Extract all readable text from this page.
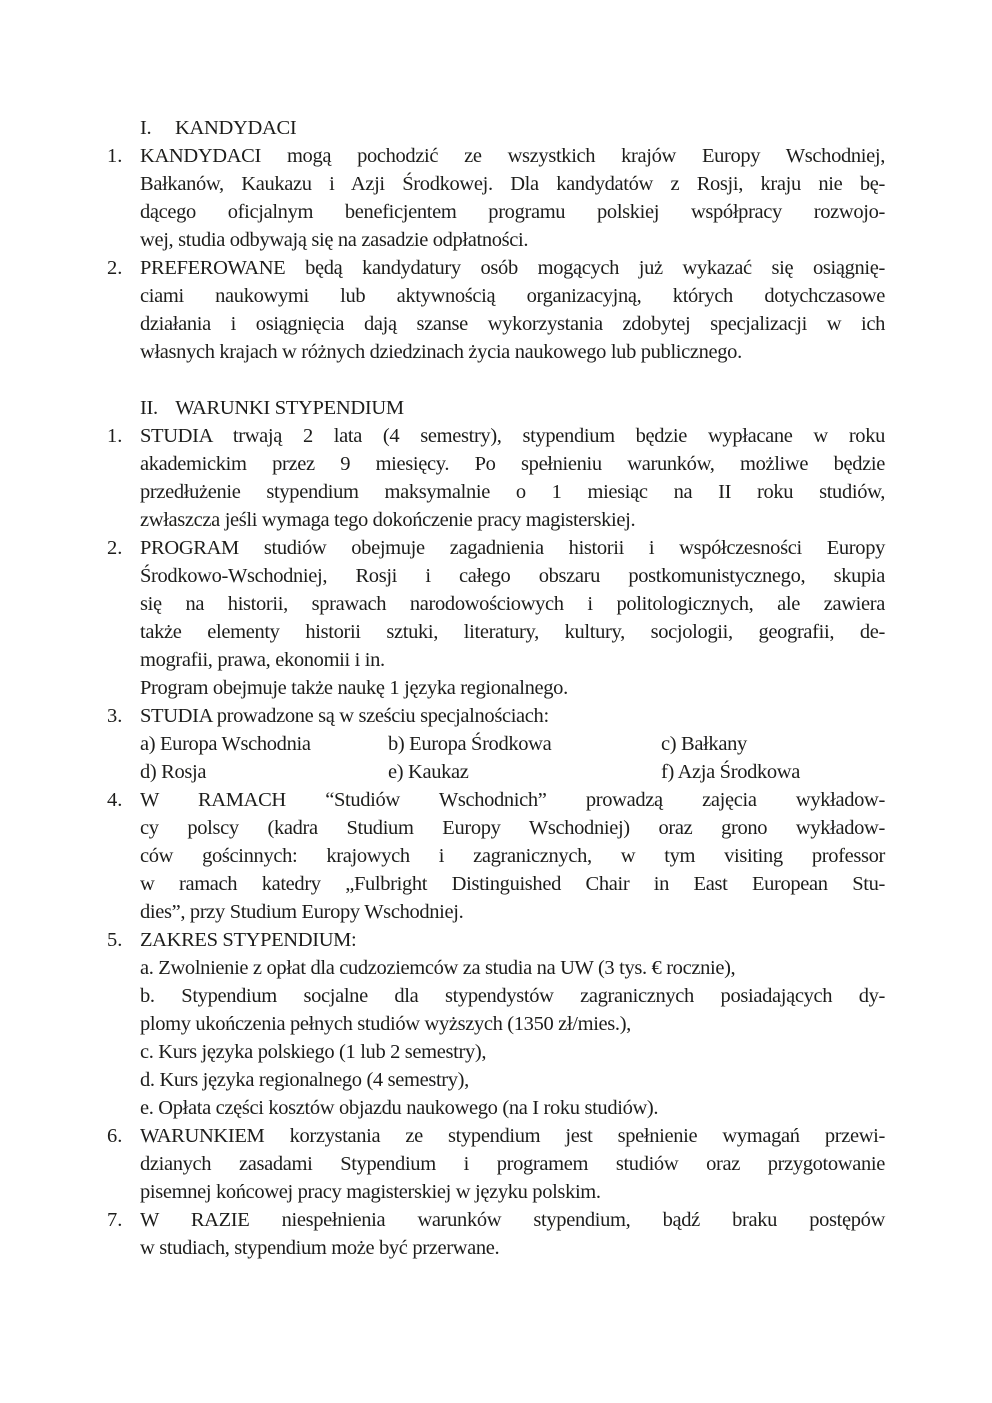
I. KANDYDACI
1. KANDYDACI mogą pochodzić ze wszystkich krajów Europy Wschodniej,
Bałkanów, Kaukazu i Azji Środkowej. Dla kandydatów z Rosji, kraju nie bę-
dącego oficjalnym beneficjentem programu polskiej współpracy rozwojo-
wej, studia odbywają się na zasadzie odpłatności.
2. PREFEROWANE będą kandydatury osób mogących już wykazać się osiągnię-
ciami naukowymi lub aktywnością organizacyjną, których dotychczasowe
działania i osiągnięcia dają szanse wykorzystania zdobytej specjalizacji w ich
własnych krajach w różnych dziedzinach życia naukowego lub publicznego.
II. WARUNKI STYPENDIUM
1. STUDIA trwają 2 lata (4 semestry), stypendium będzie wypłacane w roku
akademickim przez 9 miesięcy. Po spełnieniu warunków, możliwe będzie
przedłużenie stypendium maksymalnie o 1 miesiąc na II roku studiów,
zwłaszcza jeśli wymaga tego dokończenie pracy magisterskiej.
2. PROGRAM studiów obejmuje zagadnienia historii i współczesności Europy
Środkowo-Wschodniej, Rosji i całego obszaru postkomunistycznego, skupia
się na historii, sprawach narodowościowych i politologicznych, ale zawiera
także elementy historii sztuki, literatury, kultury, socjologii, geografii, de-
mografii, prawa, ekonomii i in.
Program obejmuje także naukę 1 języka regionalnego.
3. STUDIA prowadzone są w sześciu specjalnościach:
a) Europa Wschodnia	b) Europa Środkowa	c) Bałkany
d) Rosja	e) Kaukaz	f) Azja Środkowa
4. W RAMACH “Studiów Wschodnich” prowadzą zajęcia wykładow-
cy polscy (kadra Studium Europy Wschodniej) oraz grono wykładow-
ców gościnnych: krajowych i zagranicznych, w tym visiting professor
w ramach katedry „Fulbright Distinguished Chair in East European Stu-
dies”, przy Studium Europy Wschodniej.
5. ZAKRES STYPENDIUM:
a. Zwolnienie z opłat dla cudzoziemców za studia na UW (3 tys. € rocznie),
b. Stypendium socjalne dla stypendystów zagranicznych posiadających dy-
plomy ukończenia pełnych studiów wyższych (1350 zł/mies.),
c. Kurs języka polskiego (1 lub 2 semestry),
d. Kurs języka regionalnego (4 semestry),
e. Opłata części kosztów objazdu naukowego (na I roku studiów).
6. WARUNKIEM korzystania ze stypendium jest spełnienie wymagań przewi-
dzianych zasadami Stypendium i programem studiów oraz przygotowanie
pisemnej końcowej pracy magisterskiej w języku polskim.
7. W RAZIE niespełnienia warunków stypendium, bądź braku postępów
w studiach, stypendium może być przerwane.
